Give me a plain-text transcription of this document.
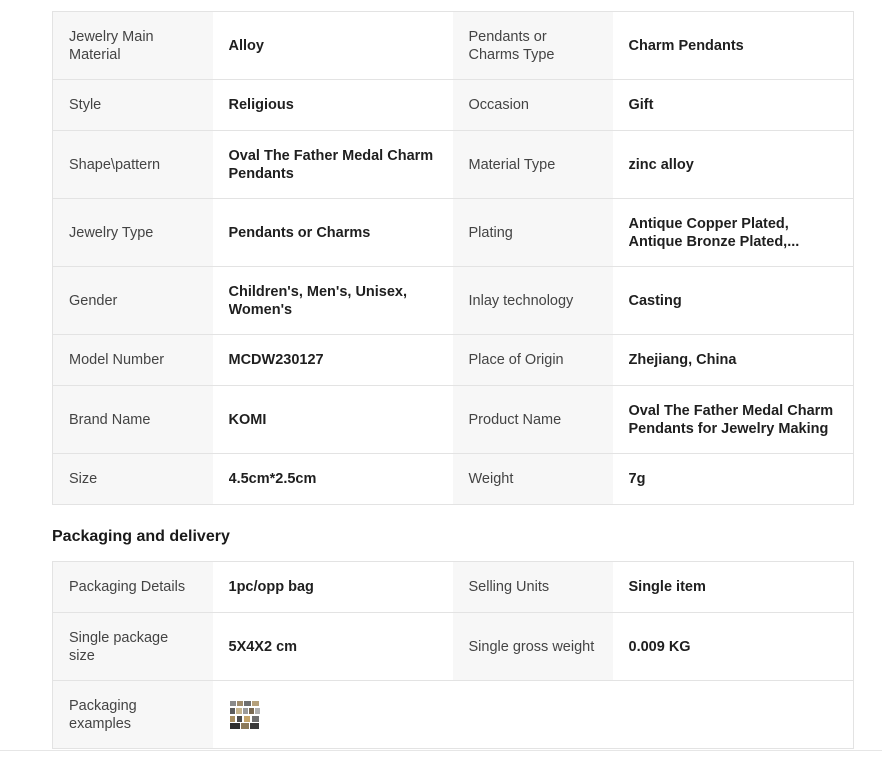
Jewelry Main Material	Alloy	Pendants or Charms Type	Charm Pendants

Style	Religious	Occasion	Gift

Shape\pattern	Oval The Father Medal Charm Pendants	Material Type	zinc alloy

Jewelry Type	Pendants or Charms	Plating	Antique Copper Plated, Antique Bronze Plated,...

Gender	Children's, Men's, Unisex, Women's	Inlay technology	Casting

Model Number	MCDW230127	Place of Origin	Zhejiang, China

Brand Name	KOMI	Product Name	Oval The Father Medal Charm Pendants for Jewelry Making

Size	4.5cm*2.5cm	Weight	7g
Packaging and delivery
Packaging Details	1pc/opp bag	Selling Units	Single item

Single package size	5X4X2 cm	Single gross weight	0.009 KG

Packaging examples	
